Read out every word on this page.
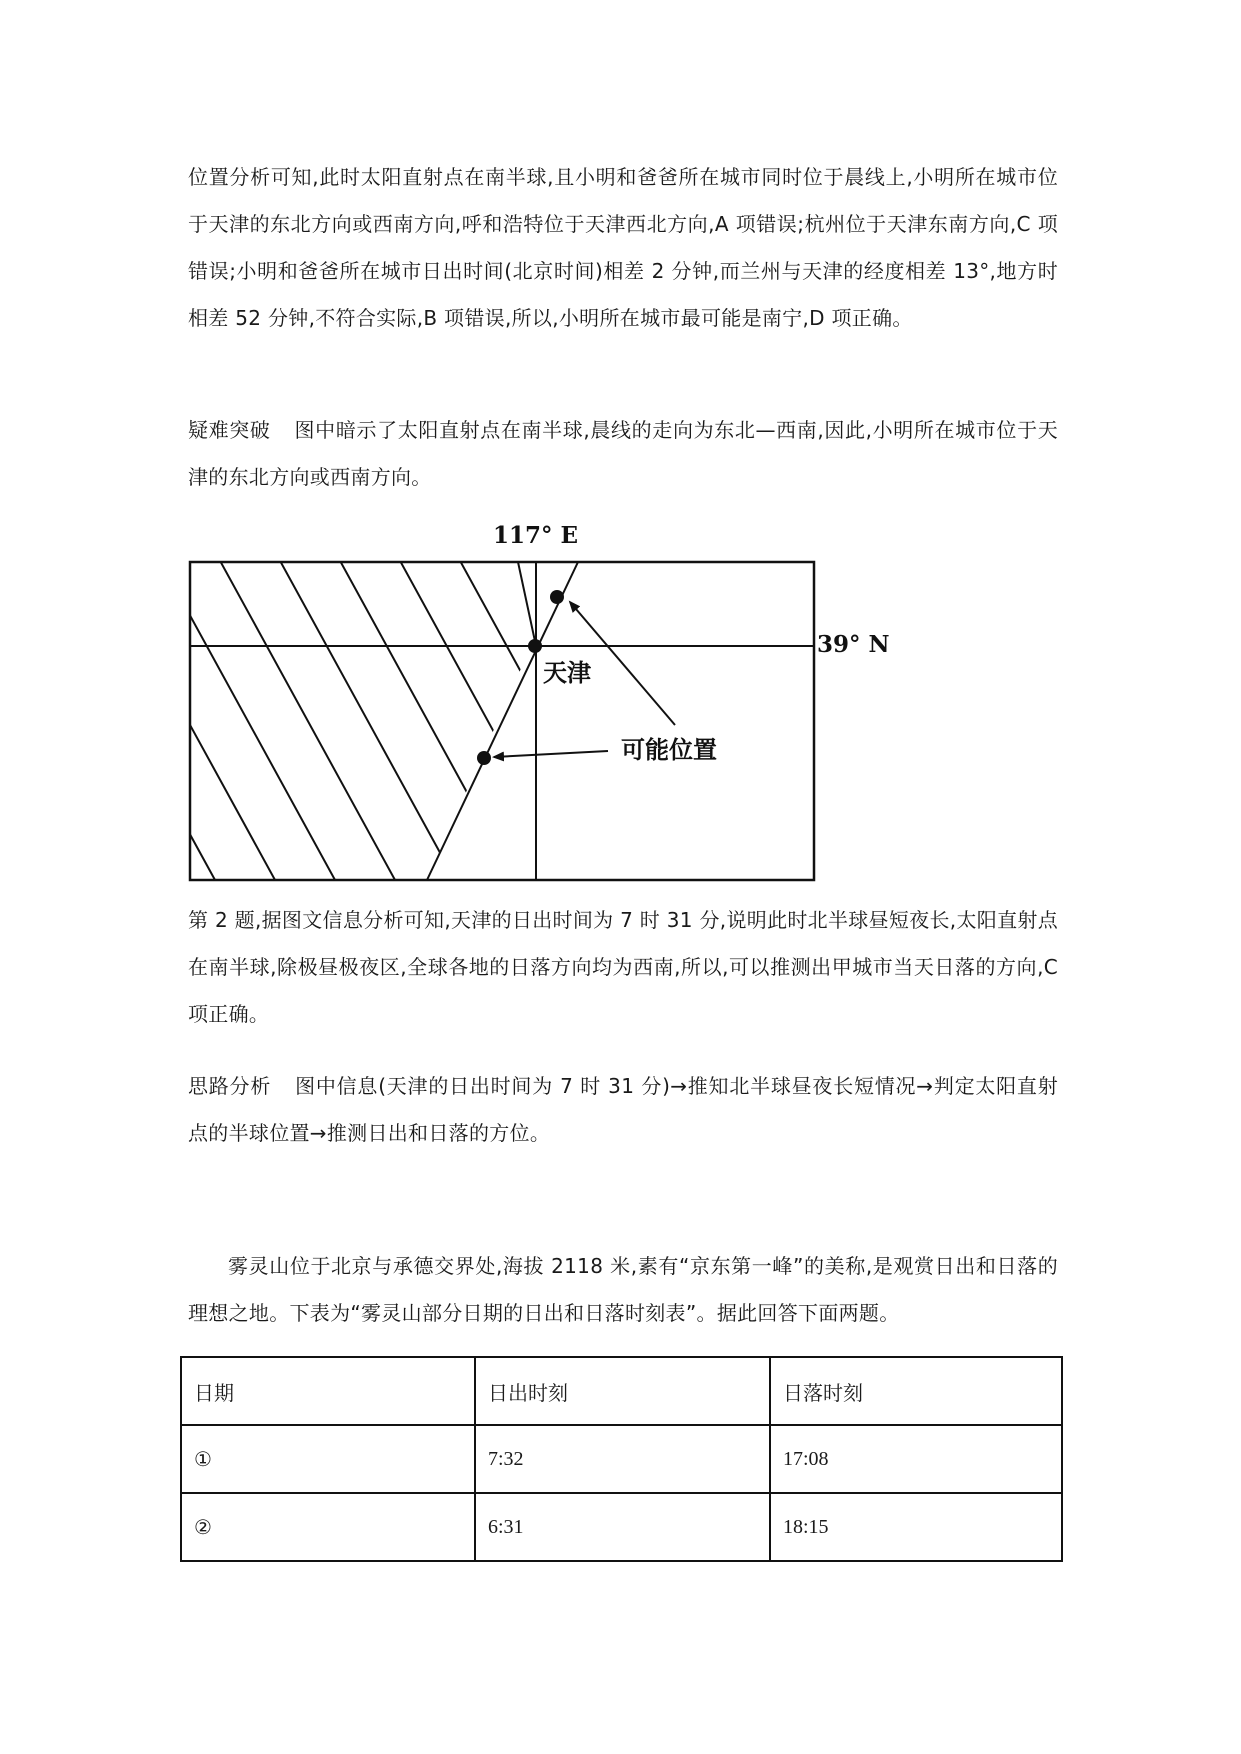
位置分析可知,此时太阳直射点在南半球,且小明和爸爸所在城市同时位于晨线上,小明所在城市位于天津的东北方向或西南方向,呼和浩特位于天津西北方向,A 项错误;杭州位于天津东南方向,C 项错误;小明和爸爸所在城市日出时间(北京时间)相差 2 分钟,而兰州与天津的经度相差 13°,地方时相差 52 分钟,不符合实际,B 项错误,所以,小明所在城市最可能是南宁,D 项正确。

疑难突破 图中暗示了太阳直射点在南半球,晨线的走向为东北—西南,因此,小明所在城市位于天津的东北方向或西南方向。

117° E
39° N
天津
可能位置

第 2 题,据图文信息分析可知,天津的日出时间为 7 时 31 分,说明此时北半球昼短夜长,太阳直射点在南半球,除极昼极夜区,全球各地的日落方向均为西南,所以,可以推测出甲城市当天日落的方向,C 项正确。

思路分析 图中信息(天津的日出时间为 7 时 31 分)→推知北半球昼夜长短情况→判定太阳直射点的半球位置→推测日出和日落的方位。

雾灵山位于北京与承德交界处,海拔 2118 米,素有“京东第一峰”的美称,是观赏日出和日落的理想之地。下表为“雾灵山部分日期的日出和日落时刻表”。据此回答下面两题。

日期	日出时刻	日落时刻
①	7:32	17:08
②	6:31	18:15
